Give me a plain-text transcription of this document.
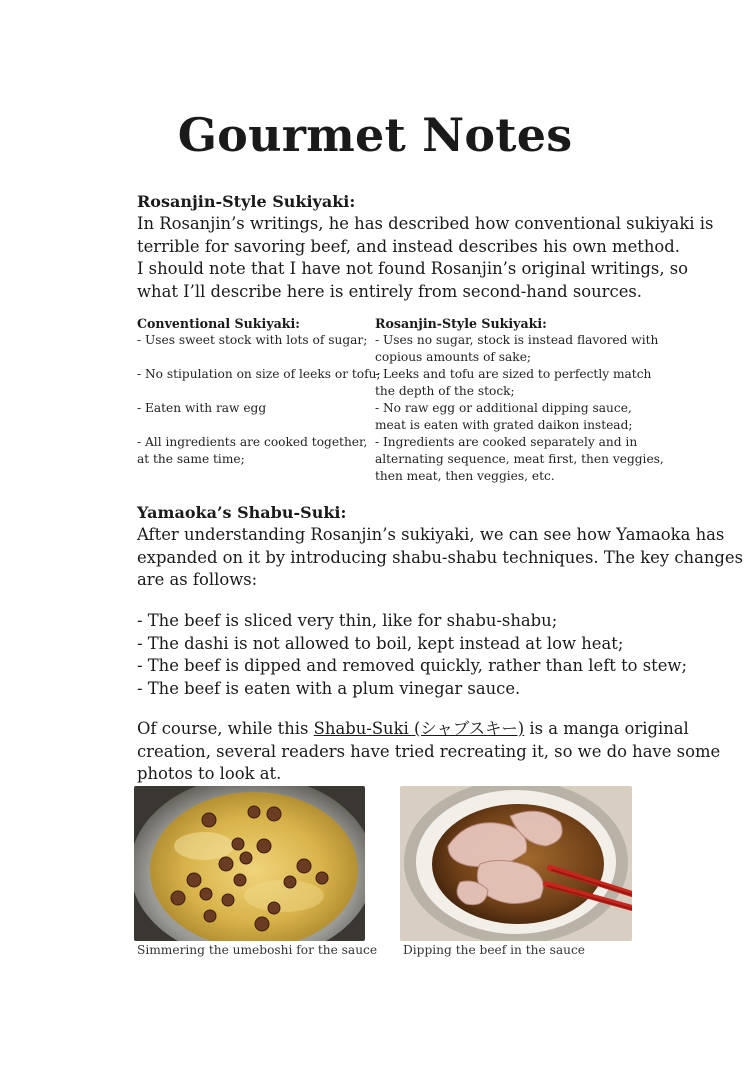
Gourmet Notes
Rosanjin-Style Sukiyaki:
In Rosanjin’s writings, he has described how conventional sukiyaki is
terrible for savoring beef, and instead describes his own method.
I should note that I have not found Rosanjin’s original writings, so
what I’ll describe here is entirely from second-hand sources.
Conventional Sukiyaki:	Rosanjin-Style Sukiyaki:
- Uses sweet stock with lots of sugar;
- No stipulation on size of leeks or tofu;
- Eaten with raw egg
- All ingredients are cooked together,
at the same time;
- Uses no sugar, stock is instead flavored with
copious amounts of sake;
- Leeks and tofu are sized to perfectly match
the depth of the stock;
- No raw egg or additional dipping sauce,
meat is eaten with grated daikon instead;
- Ingredients are cooked separately and in
alternating sequence, meat first, then veggies,
then meat, then veggies, etc.
Yamaoka’s Shabu-Suki:
After understanding Rosanjin’s sukiyaki, we can see how Yamaoka has
expanded on it by introducing shabu-shabu techniques. The key changes
are as follows:
- The beef is sliced very thin, like for shabu-shabu;
- The dashi is not allowed to boil, kept instead at low heat;
- The beef is dipped and removed quickly, rather than left to stew;
- The beef is eaten with a plum vinegar sauce.
Of course, while this Shabu-Suki (シャブスキー) is a manga original
creation, several readers have tried recreating it, so we do have some
photos to look at.
Simmering the umeboshi for the sauce Dipping the beef in the sauce
